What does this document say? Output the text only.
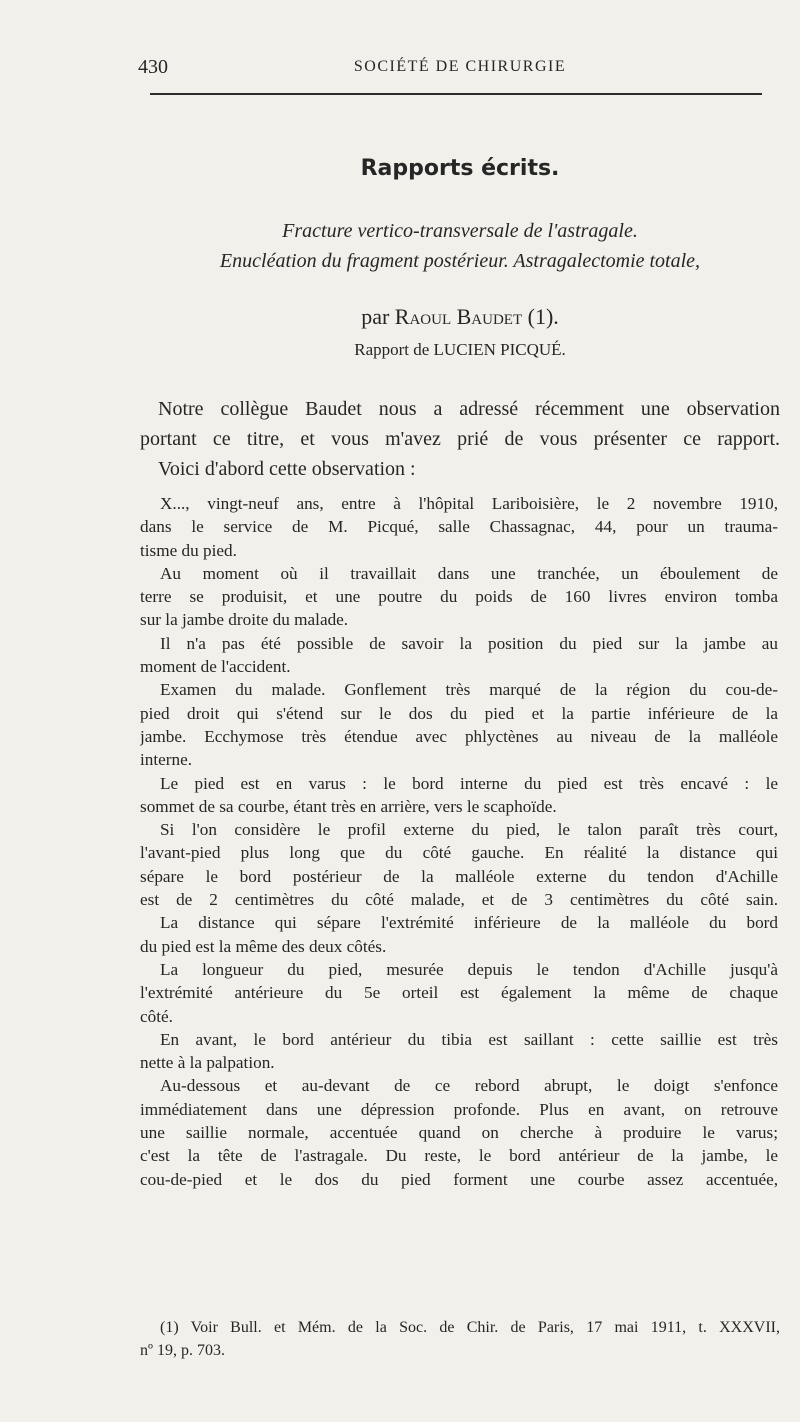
430	SOCIÉTÉ DE CHIRURGIE
Rapports écrits.
Fracture vertico-transversale de l'astragale.
Enucléation du fragment postérieur. Astragalectomie totale,
par Raoul Baudet (1).
Rapport de LUCIEN PICQUÉ.
Notre collègue Baudet nous a adressé récemment une observation
portant ce titre, et vous m'avez prié de vous présenter ce rapport.
Voici d'abord cette observation :
X..., vingt-neuf ans, entre à l'hôpital Lariboisière, le 2 novembre 1910,
dans le service de M. Picqué, salle Chassagnac, 44, pour un trauma-
tisme du pied.
Au moment où il travaillait dans une tranchée, un éboulement de
terre se produisit, et une poutre du poids de 160 livres environ tomba
sur la jambe droite du malade.
Il n'a pas été possible de savoir la position du pied sur la jambe au
moment de l'accident.
Examen du malade. Gonflement très marqué de la région du cou-de-
pied droit qui s'étend sur le dos du pied et la partie inférieure de la
jambe. Ecchymose très étendue avec phlyctènes au niveau de la malléole
interne.
Le pied est en varus : le bord interne du pied est très encavé : le
sommet de sa courbe, étant très en arrière, vers le scaphoïde.
Si l'on considère le profil externe du pied, le talon paraît très court,
l'avant-pied plus long que du côté gauche. En réalité la distance qui
sépare le bord postérieur de la malléole externe du tendon d'Achille
est de 2 centimètres du côté malade, et de 3 centimètres du côté sain.
La distance qui sépare l'extrémité inférieure de la malléole du bord
du pied est la même des deux côtés.
La longueur du pied, mesurée depuis le tendon d'Achille jusqu'à
l'extrémité antérieure du 5e orteil est également la même de chaque
côté.
En avant, le bord antérieur du tibia est saillant : cette saillie est très
nette à la palpation.
Au-dessous et au-devant de ce rebord abrupt, le doigt s'enfonce
immédiatement dans une dépression profonde. Plus en avant, on retrouve
une saillie normale, accentuée quand on cherche à produire le varus;
c'est la tête de l'astragale. Du reste, le bord antérieur de la jambe, le
cou-de-pied et le dos du pied forment une courbe assez accentuée,
(1) Voir Bull. et Mém. de la Soc. de Chir. de Paris, 17 mai 1911, t. XXXVII,
nº 19, p. 703.
